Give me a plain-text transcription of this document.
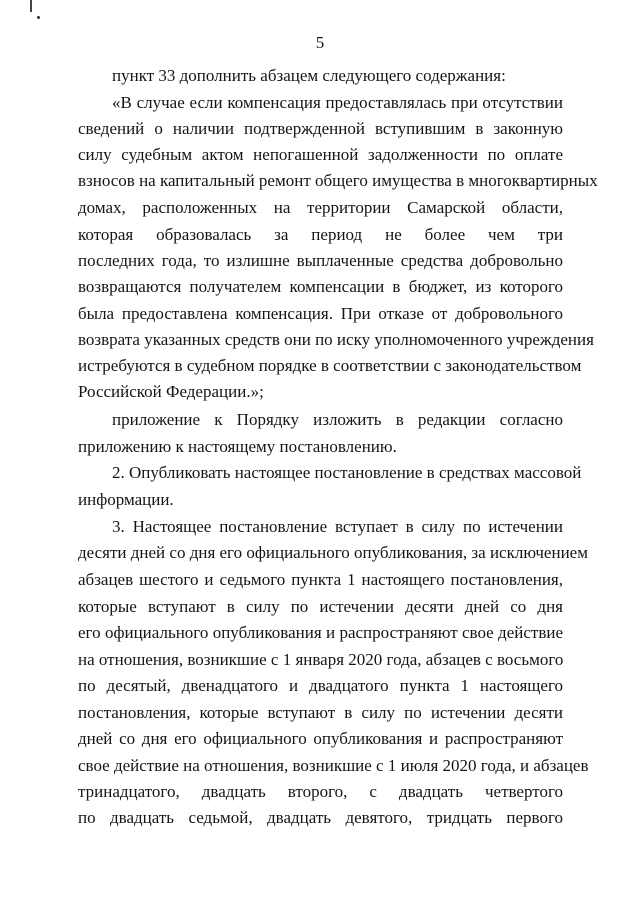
5
пункт 33 дополнить абзацем следующего содержания:
«В случае если компенсация предоставлялась при отсутствии
сведений о наличии подтвержденной вступившим в законную
силу судебным актом непогашенной задолженности по оплате
взносов на капитальный ремонт общего имущества в многоквартирных
домах, расположенных на территории Самарской области,
которая образовалась за период не более чем три
последних года, то излишне выплаченные средства добровольно
возвращаются получателем компенсации в бюджет, из которого
была предоставлена компенсация. При отказе от добровольного
возврата указанных средств они по иску уполномоченного учреждения
истребуются в судебном порядке в соответствии с законодательством
Российской Федерации.»;
приложение к Порядку изложить в редакции согласно
приложению к настоящему постановлению.
2. Опубликовать настоящее постановление в средствах массовой
информации.
3. Настоящее постановление вступает в силу по истечении
десяти дней со дня его официального опубликования, за исключением
абзацев шестого и седьмого пункта 1 настоящего постановления,
которые вступают в силу по истечении десяти дней со дня
его официального опубликования и распространяют свое действие
на отношения, возникшие с 1 января 2020 года, абзацев с восьмого
по десятый, двенадцатого и двадцатого пункта 1 настоящего
постановления, которые вступают в силу по истечении десяти
дней со дня его официального опубликования и распространяют
свое действие на отношения, возникшие с 1 июля 2020 года, и абзацев
тринадцатого, двадцать второго, с двадцать четвертого
по двадцать седьмой, двадцать девятого, тридцать первого
